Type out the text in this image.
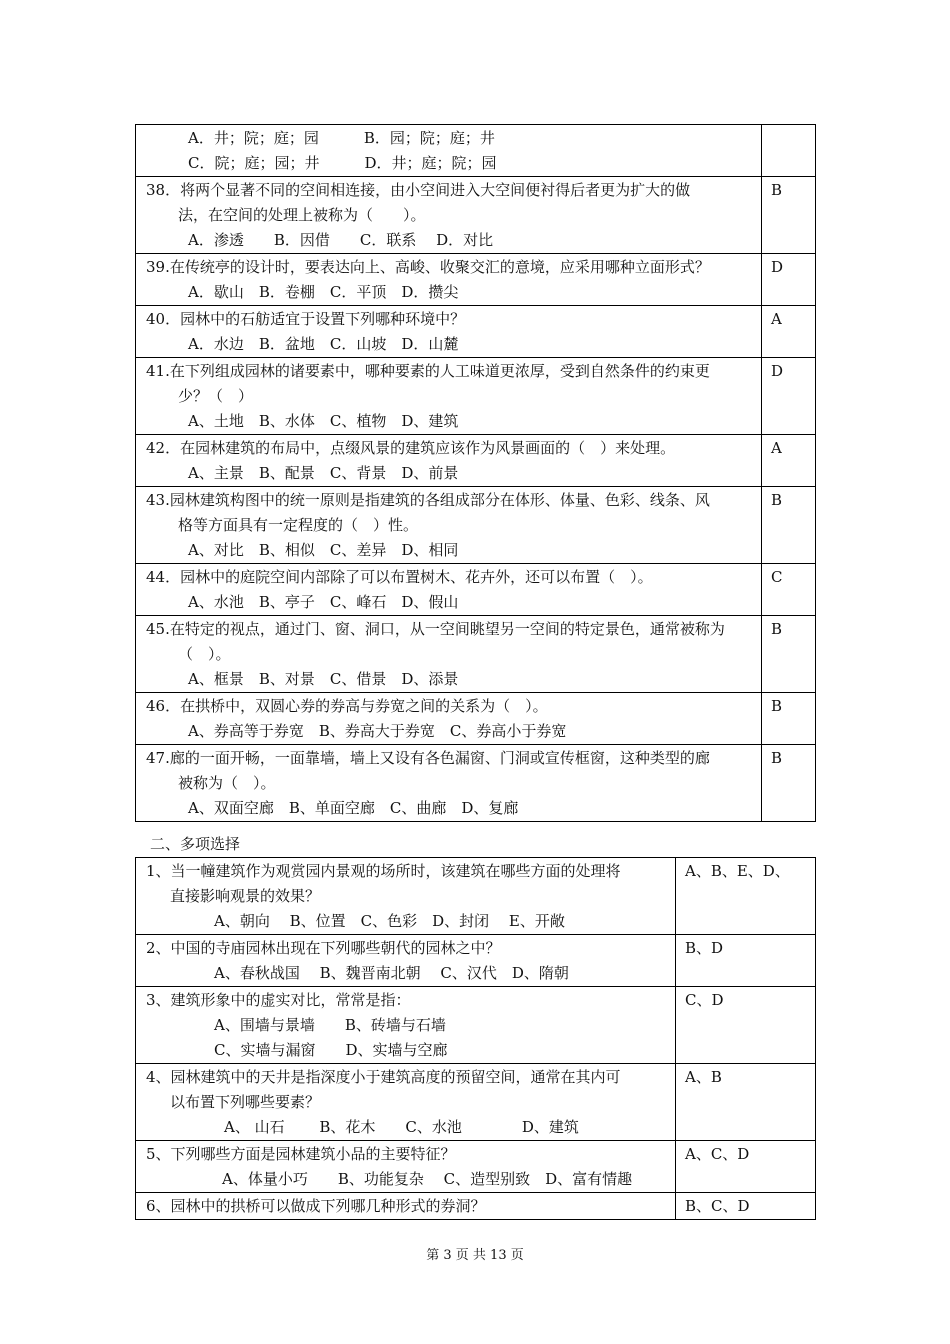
A．井；院；庭；园　　　B．园；院；庭；井
C．院；庭；园；井　　　D．井；庭；院；园	

38．将两个显著不同的空间相连接，由小空间进入大空间便衬得后者更为扩大的做
法，在空间的处理上被称为（　　）。
A．渗透　　B．因借　　C．联系　 D．对比	B

39.在传统亭的设计时，要表达向上、高峻、收聚交汇的意境，应采用哪种立面形式？
A．歇山　B．卷棚　C．平顶　D．攒尖	D

40．园林中的石舫适宜于设置下列哪种环境中？
A．水边　B．盆地　C．山坡　D．山麓	A

41.在下列组成园林的诸要素中，哪种要素的人工味道更浓厚，受到自然条件的约束更
少？（　）
A、土地　B、水体　C、植物　D、建筑	D

42．在园林建筑的布局中，点缀风景的建筑应该作为风景画面的（　）来处理。
A、主景　B、配景　C、背景　D、前景	A

43.园林建筑构图中的统一原则是指建筑的各组成部分在体形、体量、色彩、线条、风
格等方面具有一定程度的（　）性。
A、对比　B、相似　C、差异　D、相同	B

44．园林中的庭院空间内部除了可以布置树木、花卉外，还可以布置（　）。
A、水池　B、亭子　C、峰石　D、假山	C

45.在特定的视点，通过门、窗、洞口，从一空间眺望另一空间的特定景色，通常被称为
（　）。
A、框景　B、对景　C、借景　D、添景	B

46．在拱桥中，双圆心券的券高与券宽之间的关系为（　）。
A、券高等于券宽　B、券高大于券宽　C、券高小于券宽	B

47.廊的一面开畅，一面靠墙，墙上又设有各色漏窗、门洞或宣传框窗，这种类型的廊
被称为（　）。
A、双面空廊　B、单面空廊　C、曲廊　D、复廊	B
二、多项选择
1、当一幢建筑作为观赏园内景观的场所时，该建筑在哪些方面的处理将
直接影响观景的效果？
A、朝向　 B、位置　C、色彩　D、封闭　 E、开敞	A、B、E、D、

2、中国的寺庙园林出现在下列哪些朝代的园林之中？
A、春秋战国　 B、魏晋南北朝　 C、汉代　D、隋朝	B、D

3、建筑形象中的虚实对比，常常是指：
A、围墙与景墙　　B、砖墙与石墙
C、实墙与漏窗　　D、实墙与空廊	C、D

4、园林建筑中的天井是指深度小于建筑高度的预留空间，通常在其内可
以布置下列哪些要素？
A、 山石　　 B、花木　　C、水池　　　　D、建筑	A、B

5、下列哪些方面是园林建筑小品的主要特征？
A、体量小巧　　B、功能复杂　 C、造型别致　D、富有情趣	A、C、D

6、园林中的拱桥可以做成下列哪几种形式的券洞？	B、C、D
第 3 页 共 13 页
